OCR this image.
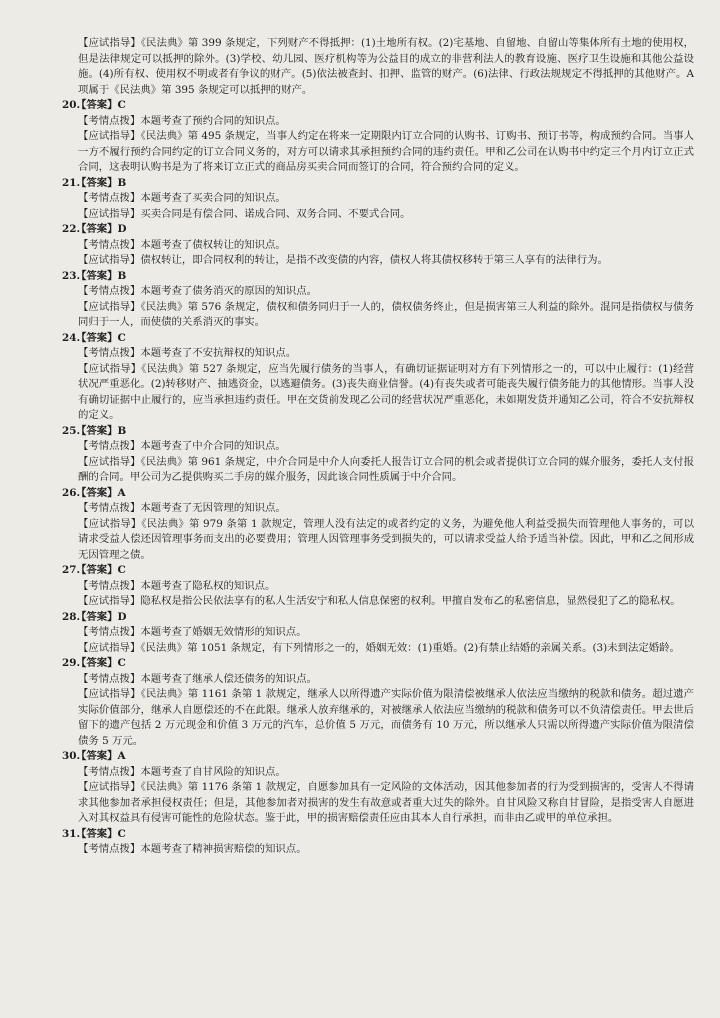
【应试指导】《民法典》第 399 条规定，下列财产不得抵押：(1)土地所有权。(2)宅基地、自留地、自留山等集体所有土地的使用权，但是法律规定可以抵押的除外。(3)学校、幼儿园、医疗机构等为公益目的成立的非营利法人的教育设施、医疗卫生设施和其他公益设施。(4)所有权、使用权不明或者有争议的财产。(5)依法被查封、扣押、监管的财产。(6)法律、行政法规规定不得抵押的其他财产。A 项属于《民法典》第 395 条规定可以抵押的财产。

20.
【答案】C

【考情点拨】本题考查了预约合同的知识点。

【应试指导】《民法典》第 495 条规定，当事人约定在将来一定期限内订立合同的认购书、订购书、预订书等，构成预约合同。当事人一方不履行预约合同约定的订立合同义务的，对方可以请求其承担预约合同的违约责任。甲和乙公司在认购书中约定三个月内订立正式合同，这表明认购书是为了将来订立正式的商品房买卖合同而签订的合同，符合预约合同的定义。

21.
【答案】B

【考情点拨】本题考查了买卖合同的知识点。

【应试指导】买卖合同是有偿合同、诺成合同、双务合同、不要式合同。

22.
【答案】D

【考情点拨】本题考查了债权转让的知识点。

【应试指导】债权转让，即合同权利的转让，是指不改变债的内容，债权人将其债权移转于第三人享有的法律行为。

23.
【答案】B

【考情点拨】本题考查了债务消灭的原因的知识点。

【应试指导】《民法典》第 576 条规定，债权和债务同归于一人的，债权债务终止，但是损害第三人利益的除外。混同是指债权与债务同归于一人，而使债的关系消灭的事实。

24.
【答案】C

【考情点拨】本题考查了不安抗辩权的知识点。

【应试指导】《民法典》第 527 条规定，应当先履行债务的当事人，有确切证据证明对方有下列情形之一的，可以中止履行：(1)经营状况严重恶化。(2)转移财产、抽逃资金，以逃避债务。(3)丧失商业信誉。(4)有丧失或者可能丧失履行债务能力的其他情形。当事人没有确切证据中止履行的，应当承担违约责任。甲在交货前发现乙公司的经营状况严重恶化，未如期发货并通知乙公司，符合不安抗辩权的定义。

25.
【答案】B

【考情点拨】本题考查了中介合同的知识点。

【应试指导】《民法典》第 961 条规定，中介合同是中介人向委托人报告订立合同的机会或者提供订立合同的媒介服务，委托人支付报酬的合同。甲公司为乙提供购买二手房的媒介服务，因此该合同性质属于中介合同。

26.
【答案】A

【考情点拨】本题考查了无因管理的知识点。

【应试指导】《民法典》第 979 条第 1 款规定，管理人没有法定的或者约定的义务，为避免他人利益受损失而管理他人事务的，可以请求受益人偿还因管理事务而支出的必要费用；管理人因管理事务受到损失的，可以请求受益人给予适当补偿。因此，甲和乙之间形成无因管理之债。

27.
【答案】C

【考情点拨】本题考查了隐私权的知识点。

【应试指导】隐私权是指公民依法享有的私人生活安宁和私人信息保密的权利。甲擅自发布乙的私密信息，显然侵犯了乙的隐私权。

28.
【答案】D

【考情点拨】本题考查了婚姻无效情形的知识点。

【应试指导】《民法典》第 1051 条规定，有下列情形之一的，婚姻无效：(1)重婚。(2)有禁止结婚的亲属关系。(3)未到法定婚龄。

29.
【答案】C

【考情点拨】本题考查了继承人偿还债务的知识点。

【应试指导】《民法典》第 1161 条第 1 款规定，继承人以所得遗产实际价值为限清偿被继承人依法应当缴纳的税款和债务。超过遗产实际价值部分，继承人自愿偿还的不在此限。继承人放弃继承的，对被继承人依法应当缴纳的税款和债务可以不负清偿责任。甲去世后留下的遗产包括 2 万元现金和价值 3 万元的汽车，总价值 5 万元，而债务有 10 万元，所以继承人只需以所得遗产实际价值为限清偿债务 5 万元。

30.
【答案】A

【考情点拨】本题考查了自甘风险的知识点。

【应试指导】《民法典》第 1176 条第 1 款规定，自愿参加具有一定风险的文体活动，因其他参加者的行为受到损害的，受害人不得请求其他参加者承担侵权责任；但是，其他参加者对损害的发生有故意或者重大过失的除外。自甘风险又称自甘冒险，是指受害人自愿进入对其权益具有侵害可能性的危险状态。鉴于此，甲的损害赔偿责任应由其本人自行承担，而非由乙或甲的单位承担。

31.
【答案】C

【考情点拨】本题考查了精神损害赔偿的知识点。
